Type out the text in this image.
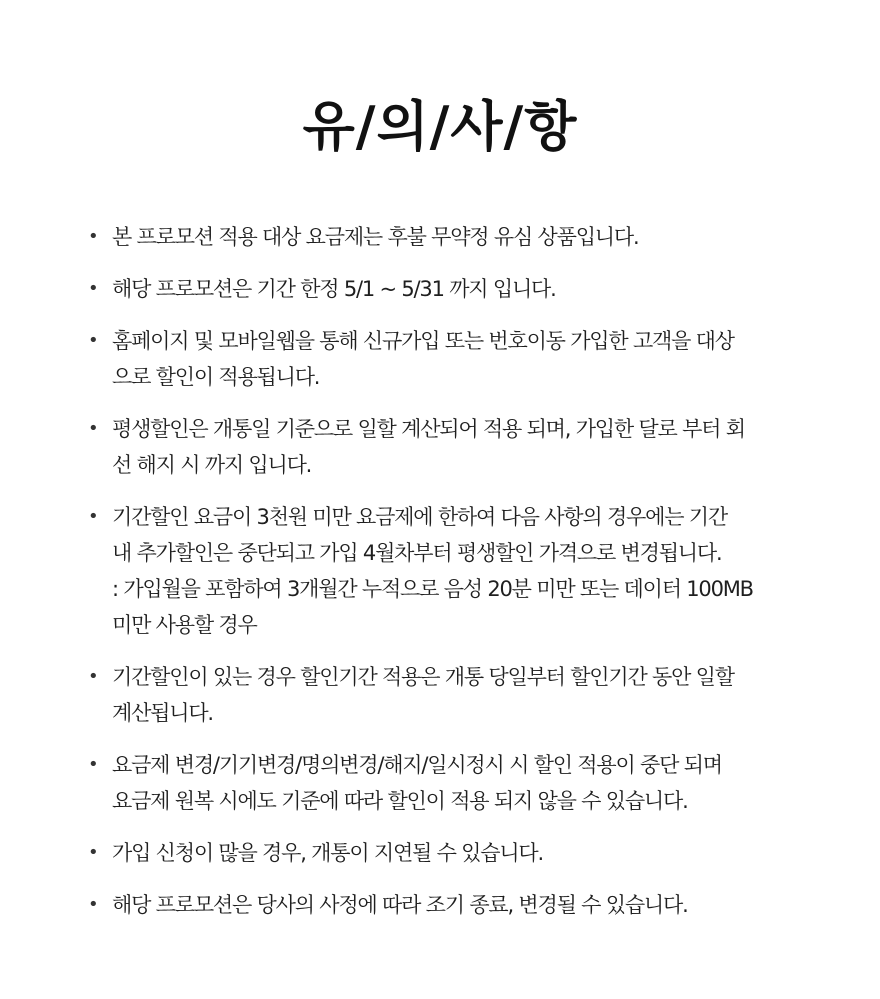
유/의/사/항
• 본 프로모션 적용 대상 요금제는 후불 무약정 유심 상품입니다.
• 해당 프로모션은 기간 한정 5/1 ~ 5/31 까지 입니다.
• 홈페이지 및 모바일웹을 통해 신규가입 또는 번호이동 가입한 고객을 대상
으로 할인이 적용됩니다.
• 평생할인은 개통일 기준으로 일할 계산되어 적용 되며, 가입한 달로 부터 회
선 해지 시 까지 입니다.
• 기간할인 요금이 3천원 미만 요금제에 한하여 다음 사항의 경우에는 기간
내 추가할인은 중단되고 가입 4월차부터 평생할인 가격으로 변경됩니다.
: 가입월을 포함하여 3개월간 누적으로 음성 20분 미만 또는 데이터 100MB
미만 사용할 경우
• 기간할인이 있는 경우 할인기간 적용은 개통 당일부터 할인기간 동안 일할
계산됩니다.
• 요금제 변경/기기변경/명의변경/해지/일시정시 시 할인 적용이 중단 되며
요금제 원복 시에도 기준에 따라 할인이 적용 되지 않을 수 있습니다.
• 가입 신청이 많을 경우, 개통이 지연될 수 있습니다.
• 해당 프로모션은 당사의 사정에 따라 조기 종료, 변경될 수 있습니다.
